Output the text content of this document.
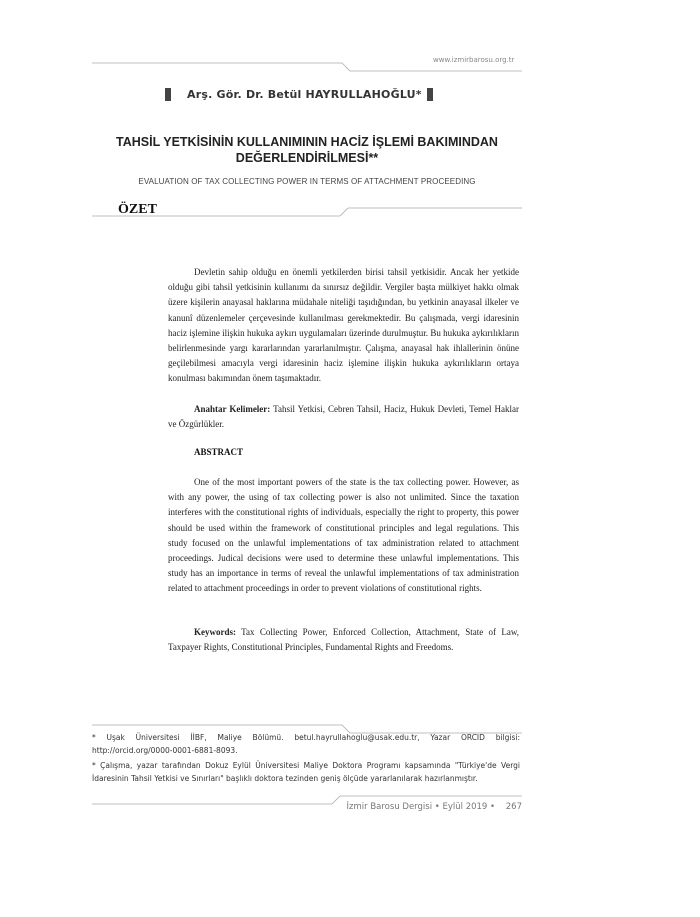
www.izmirbarosu.org.tr
Arş. Gör. Dr. Betül HAYRULLAHOĞLU*
TAHSİL YETKİSİNİN KULLANIMININ HACİZ İŞLEMİ BAKIMINDAN
DEĞERLENDİRİLMESİ**
EVALUATION OF TAX COLLECTING POWER IN TERMS OF ATTACHMENT PROCEEDING
ÖZET

Devletin sahip olduğu en önemli yetkilerden birisi tahsil yetkisidir. Ancak her yetkide olduğu gibi tahsil yetkisinin kullanımı da sınırsız değildir. Vergiler başta mülkiyet hakkı olmak üzere kişilerin anayasal haklarına müdahale niteliği taşıdığından, bu yetkinin anayasal ilkeler ve kanunî düzenlemeler çerçevesinde kullanılması gerekmektedir. Bu çalışmada, vergi idaresinin haciz işlemine ilişkin hukuka aykırı uygulamaları üzerinde durulmuştur. Bu hukuka aykırılıkların belirlenmesinde yargı kararlarından yararlanılmıştır. Çalışma, anayasal hak ihlallerinin önüne geçilebilmesi amacıyla vergi idaresinin haciz işlemine ilişkin hukuka aykırılıkların ortaya konulması bakımından önem taşımaktadır.

Anahtar Kelimeler: Tahsil Yetkisi, Cebren Tahsil, Haciz, Hukuk Devleti, Temel Haklar ve Özgürlükler.

ABSTRACT

One of the most important powers of the state is the tax collecting power. However, as with any power, the using of tax collecting power is also not unlimited. Since the taxation interferes with the constitutional rights of individuals, especially the right to property, this power should be used within the framework of constitutional principles and legal regulations. This study focused on the unlawful implementations of tax administration related to attachment proceedings. Judical decisions were used to determine these unlawful implementations. This study has an importance in terms of reveal the unlawful implementations of tax administration related to attachment proceedings in order to prevent violations of constitutional rights.

Keywords: Tax Collecting Power, Enforced Collection, Attachment, State of Law, Taxpayer Rights, Constitutional Principles, Fundamental Rights and Freedoms.

* Uşak Üniversitesi İİBF, Maliye Bölümü. betul.hayrullahoglu@usak.edu.tr, Yazar ORCID bilgisi: http://orcid.org/0000-0001-6881-8093.
* Çalışma, yazar tarafından Dokuz Eylül Üniversitesi Maliye Doktora Programı kapsamında "Türkiye'de Vergi İdaresinin Tahsil Yetkisi ve Sınırları" başlıklı doktora tezinden geniş ölçüde yararlanılarak hazırlanmıştır.
İzmir Barosu Dergisi • Eylül 2019 • 267
